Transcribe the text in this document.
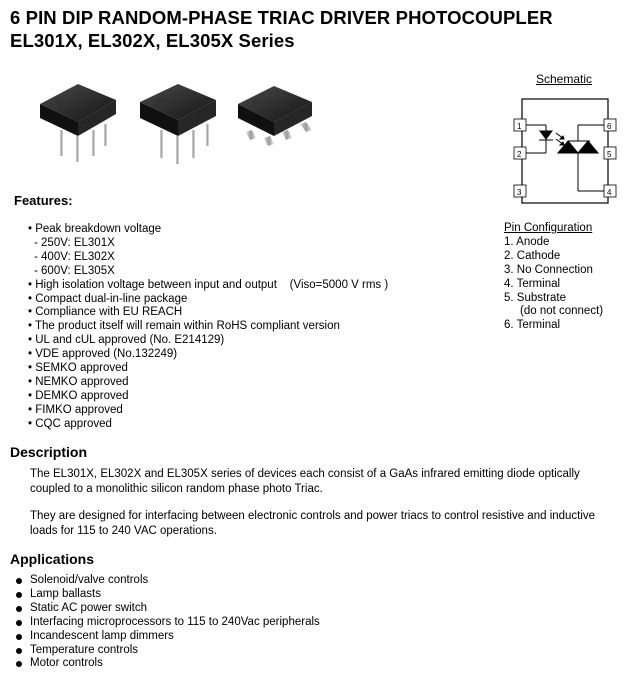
6 PIN DIP RANDOM-PHASE TRIAC DRIVER PHOTOCOUPLER
EL301X, EL302X, EL305X Series
Schematic
1
2
3
6
5
4
Features:
• Peak breakdown voltage
- 250V: EL301X
- 400V: EL302X
- 600V: EL305X
• High isolation voltage between input and output    (Viso=5000 V rms )
• Compact dual-in-line package
• Compliance with EU REACH
• The product itself will remain within RoHS compliant version
• UL and cUL approved (No. E214129)
• VDE approved (No.132249)
• SEMKO approved
• NEMKO approved
• DEMKO approved
• FIMKO approved
• CQC approved
Pin Configuration
1. Anode
2. Cathode
3. No Connection
4. Terminal
5. Substrate
(do not connect)
6. Terminal
Description

The EL301X, EL302X and EL305X series of devices each consist of a GaAs infrared emitting diode optically coupled to a monolithic silicon random phase photo Triac.

They are designed for interfacing between electronic controls and power triacs to control resistive and inductive loads for 115 to 240 VAC operations.

Applications
Solenoid/valve controls
Lamp ballasts
Static AC power switch
Interfacing microprocessors to 115 to 240Vac peripherals
Incandescent lamp dimmers
Temperature controls
Motor controls
